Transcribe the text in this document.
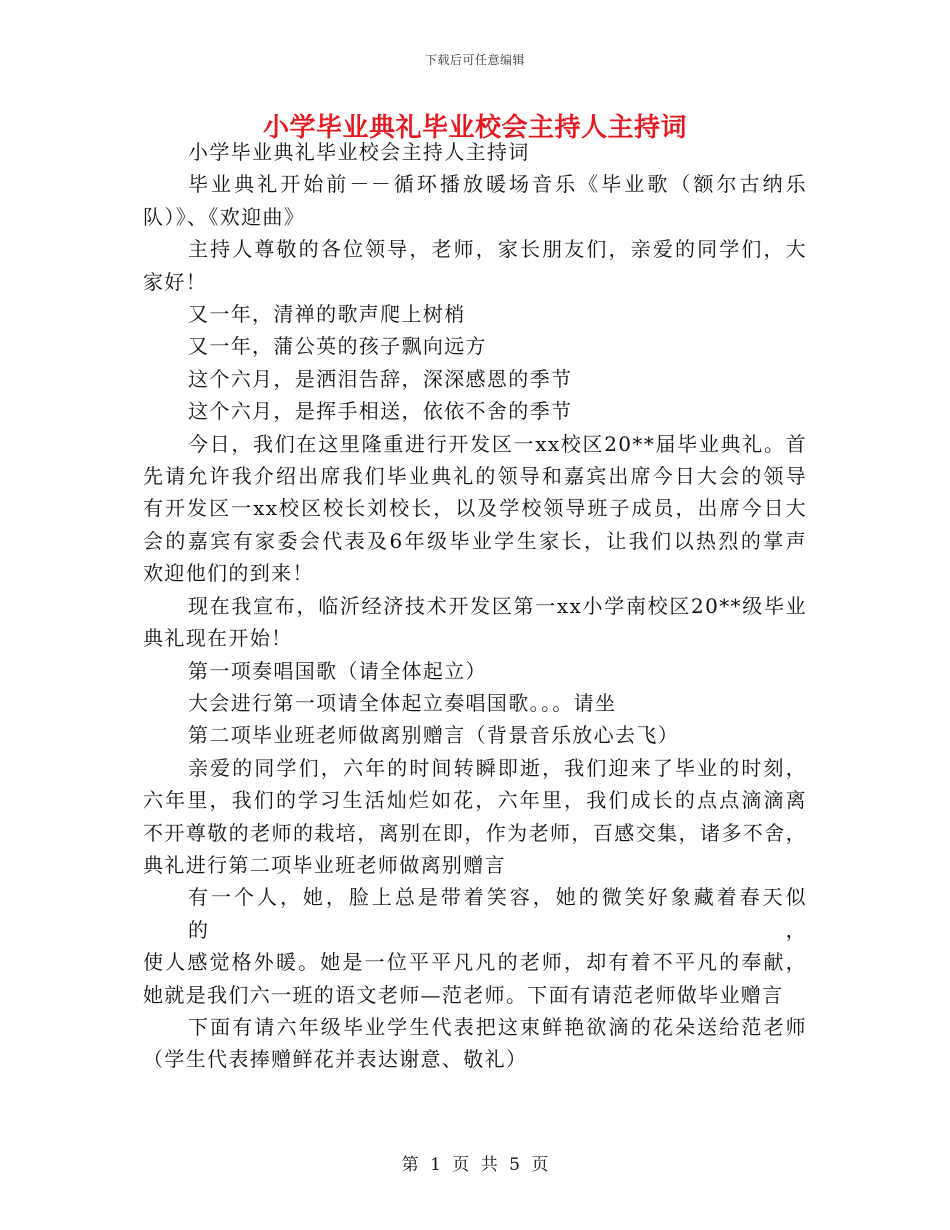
下载后可任意编辑
小学毕业典礼毕业校会主持人主持词
小学毕业典礼毕业校会主持人主持词
毕业典礼开始前－－循环播放暖场音乐《毕业歌（额尔古纳乐
队）》、《欢迎曲》
主持人尊敬的各位领导，老师，家长朋友们，亲爱的同学们，大
家好！
又一年，清禅的歌声爬上树梢
又一年，蒲公英的孩子飘向远方
这个六月，是洒泪告辞，深深感恩的季节
这个六月，是挥手相送，依依不舍的季节
今日，我们在这里隆重进行开发区一xx校区20**届毕业典礼。首
先请允许我介绍出席我们毕业典礼的领导和嘉宾出席今日大会的领导
有开发区一xx校区校长刘校长，以及学校领导班子成员，出席今日大
会的嘉宾有家委会代表及6年级毕业学生家长，让我们以热烈的掌声
欢迎他们的到来！
现在我宣布，临沂经济技术开发区第一xx小学南校区20**级毕业
典礼现在开始！
第一项奏唱国歌（请全体起立）
大会进行第一项请全体起立奏唱国歌。。。请坐
第二项毕业班老师做离别赠言（背景音乐放心去飞）
亲爱的同学们，六年的时间转瞬即逝，我们迎来了毕业的时刻，
六年里，我们的学习生活灿烂如花，六年里，我们成长的点点滴滴离
不开尊敬的老师的栽培，离别在即，作为老师，百感交集，诸多不舍，
典礼进行第二项毕业班老师做离别赠言
有一个人，她，脸上总是带着笑容，她的微笑好象藏着春天似的，
使人感觉格外暖。她是一位平平凡凡的老师，却有着不平凡的奉献，
她就是我们六一班的语文老师—范老师。下面有请范老师做毕业赠言
下面有请六年级毕业学生代表把这束鲜艳欲滴的花朵送给范老师
（学生代表捧赠鲜花并表达谢意、敬礼）
第 1 页 共 5 页
